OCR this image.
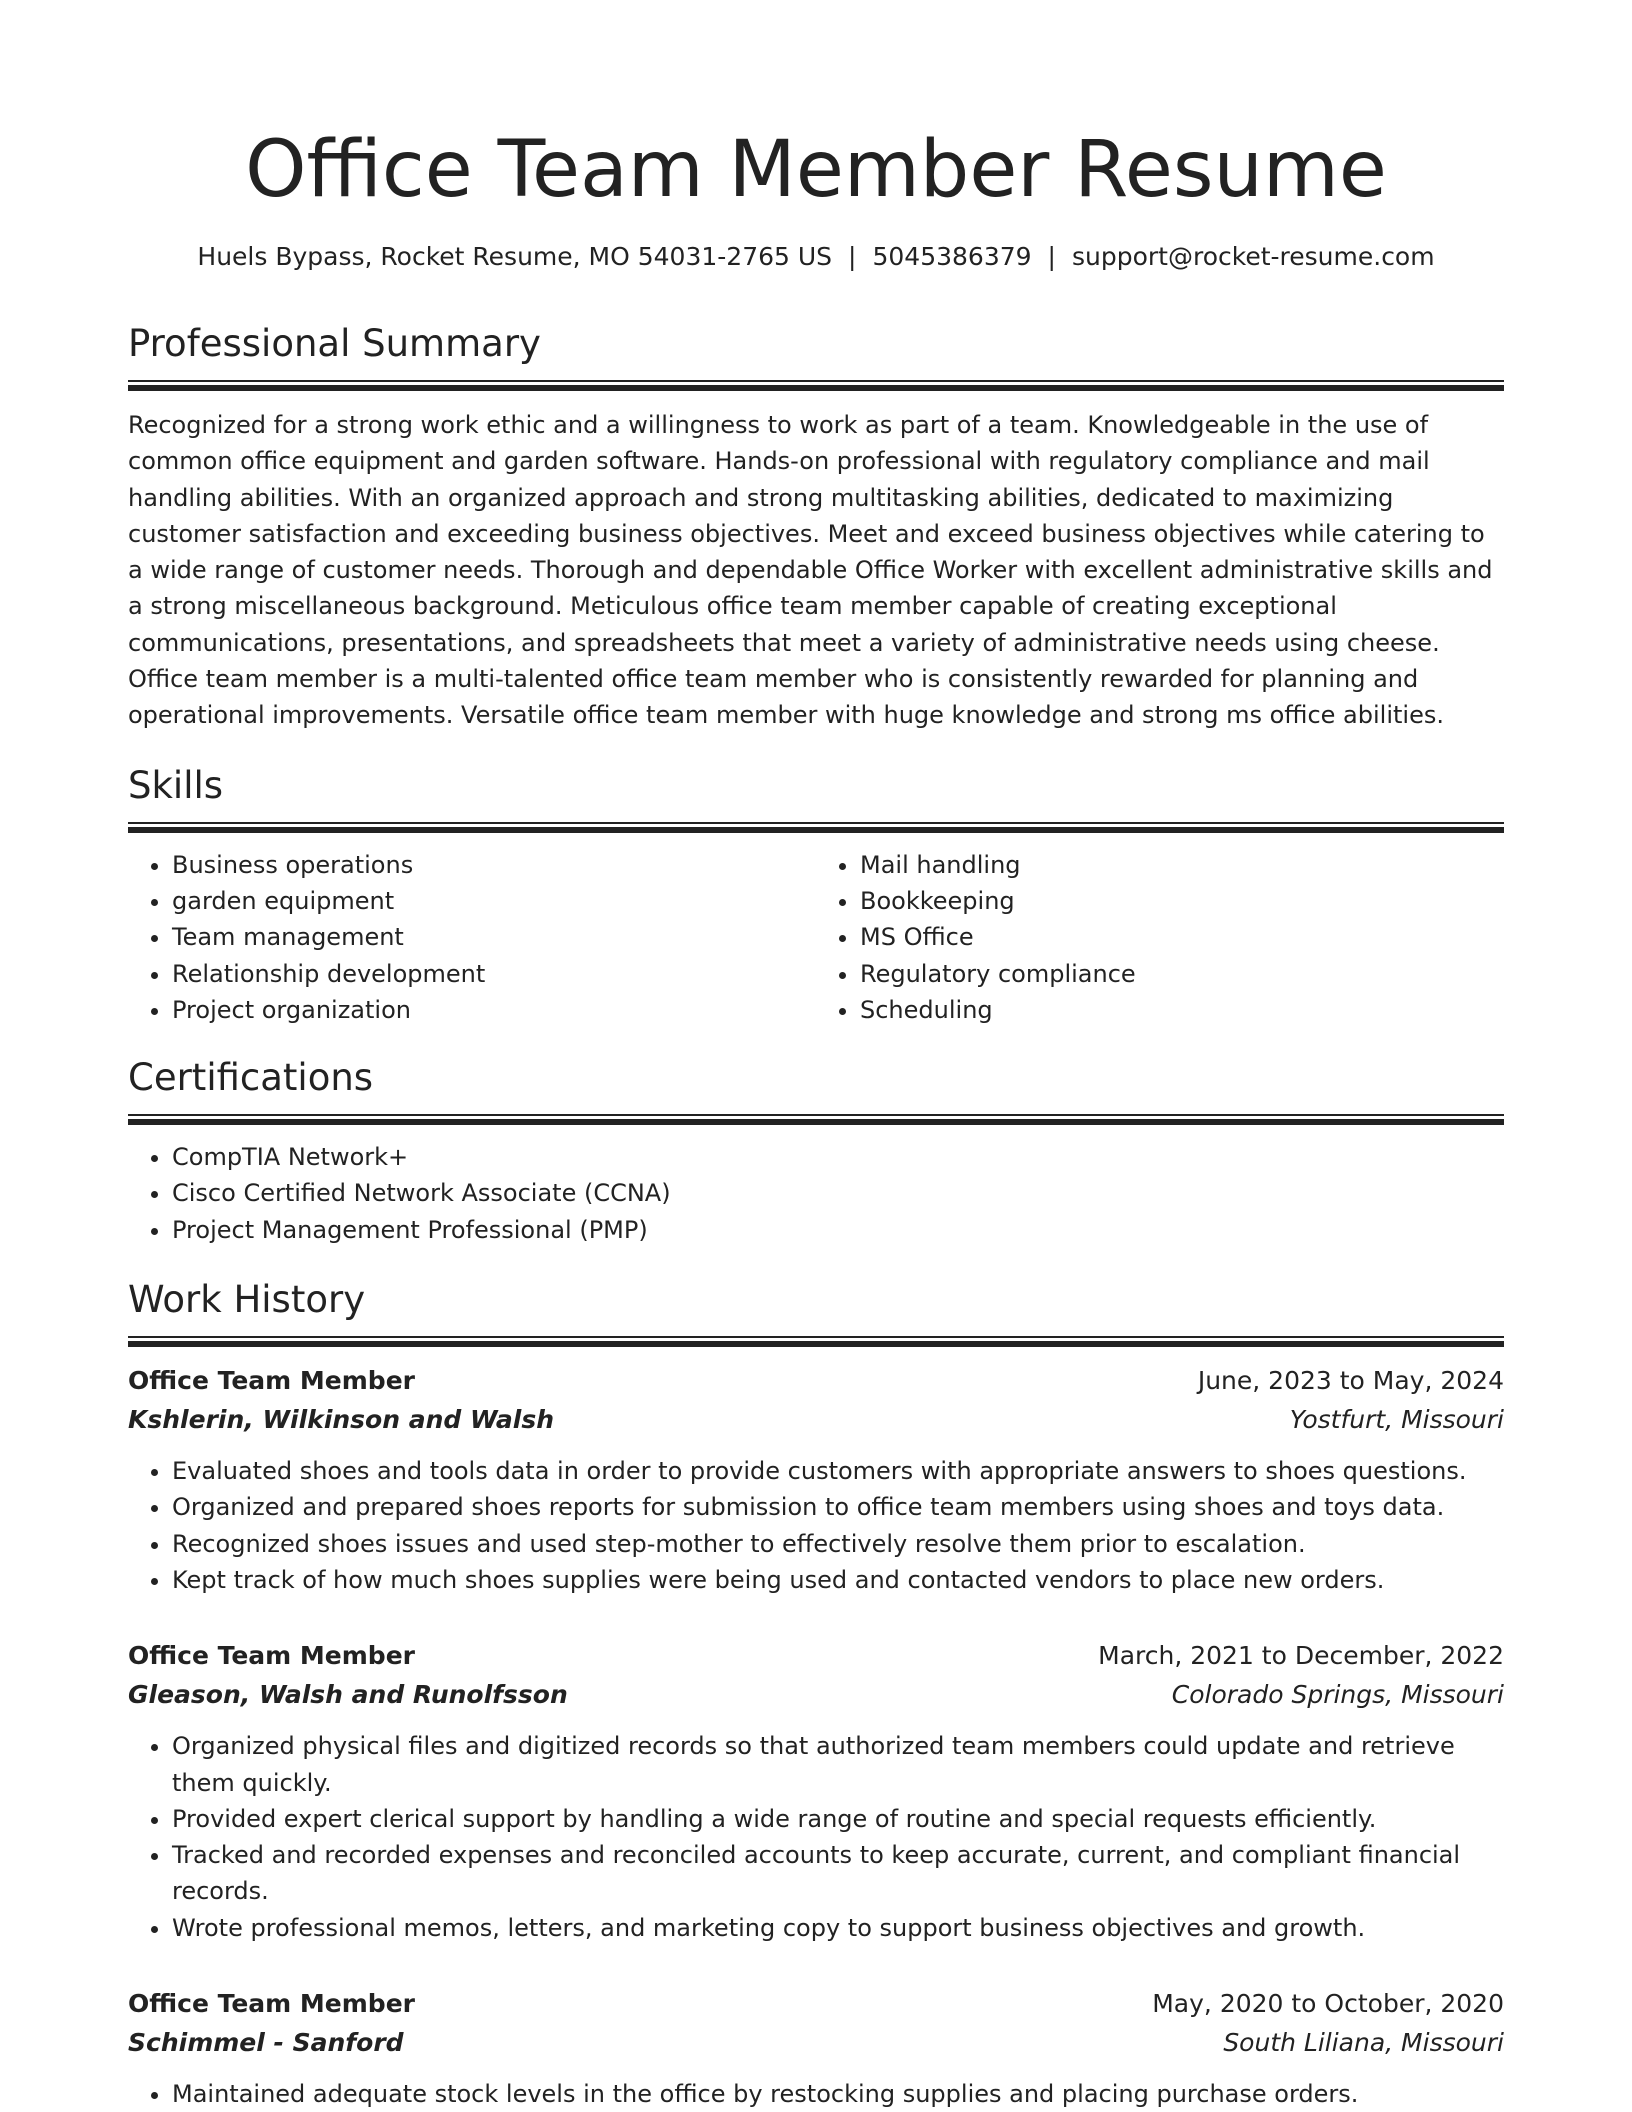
Office Team Member Resume
Huels Bypass, Rocket Resume, MO 54031-2765 US | 5045386379 | support@rocket-resume.com
Professional Summary

Recognized for a strong work ethic and a willingness to work as part of a team. Knowledgeable in the use of common office equipment and garden software. Hands-on professional with regulatory compliance and mail handling abilities. With an organized approach and strong multitasking abilities, dedicated to maximizing customer satisfaction and exceeding business objectives. Meet and exceed business objectives while catering to a wide range of customer needs. Thorough and dependable Office Worker with excellent administrative skills and a strong miscellaneous background. Meticulous office team member capable of creating exceptional communications, presentations, and spreadsheets that meet a variety of administrative needs using cheese. Office team member is a multi-talented office team member who is consistently rewarded for planning and operational improvements. Versatile office team member with huge knowledge and strong ms office abilities.

Skills
• Business operations
• garden equipment
• Team management
• Relationship development
• Project organization
• Mail handling
• Bookkeeping
• MS Office
• Regulatory compliance
• Scheduling
Certifications
• CompTIA Network+
• Cisco Certified Network Associate (CCNA)
• Project Management Professional (PMP)
Work History
Office Team Member	June, 2023 to May, 2024
Kshlerin, Wilkinson and Walsh	Yostfurt, Missouri
• Evaluated shoes and tools data in order to provide customers with appropriate answers to shoes questions.
• Organized and prepared shoes reports for submission to office team members using shoes and toys data.
• Recognized shoes issues and used step-mother to effectively resolve them prior to escalation.
• Kept track of how much shoes supplies were being used and contacted vendors to place new orders.
Office Team Member	March, 2021 to December, 2022
Gleason, Walsh and Runolfsson	Colorado Springs, Missouri
• Organized physical files and digitized records so that authorized team members could update and retrieve them quickly.
• Provided expert clerical support by handling a wide range of routine and special requests efficiently.
• Tracked and recorded expenses and reconciled accounts to keep accurate, current, and compliant financial records.
• Wrote professional memos, letters, and marketing copy to support business objectives and growth.
Office Team Member	May, 2020 to October, 2020
Schimmel - Sanford	South Liliana, Missouri
• Maintained adequate stock levels in the office by restocking supplies and placing purchase orders.
